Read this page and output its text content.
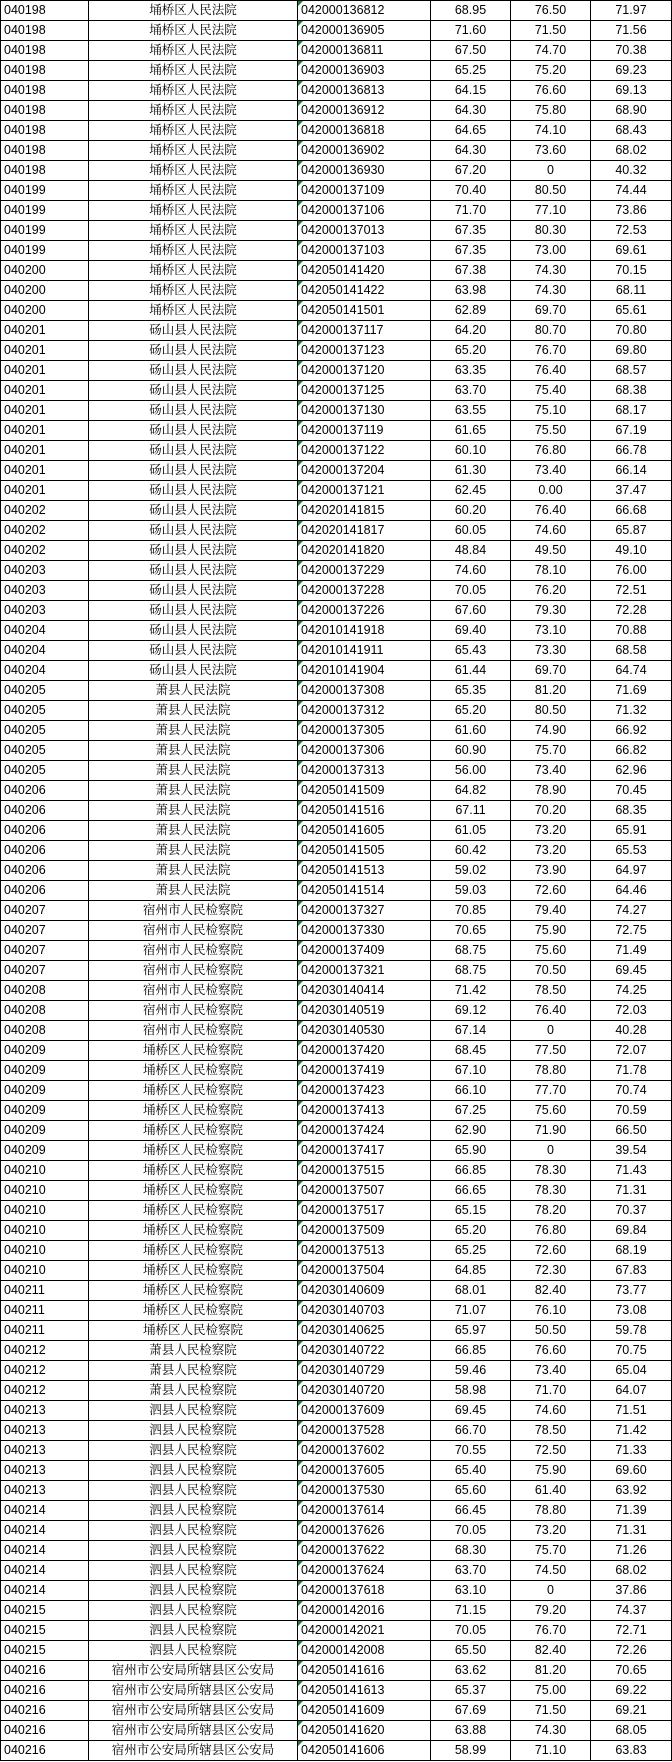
040198	埇桥区人民法院	042000136812	68.95	76.50	71.97
040198	埇桥区人民法院	042000136905	71.60	71.50	71.56
040198	埇桥区人民法院	042000136811	67.50	74.70	70.38
040198	埇桥区人民法院	042000136903	65.25	75.20	69.23
040198	埇桥区人民法院	042000136813	64.15	76.60	69.13
040198	埇桥区人民法院	042000136912	64.30	75.80	68.90
040198	埇桥区人民法院	042000136818	64.65	74.10	68.43
040198	埇桥区人民法院	042000136902	64.30	73.60	68.02
040198	埇桥区人民法院	042000136930	67.20	0	40.32
040199	埇桥区人民法院	042000137109	70.40	80.50	74.44
040199	埇桥区人民法院	042000137106	71.70	77.10	73.86
040199	埇桥区人民法院	042000137013	67.35	80.30	72.53
040199	埇桥区人民法院	042000137103	67.35	73.00	69.61
040200	埇桥区人民法院	042050141420	67.38	74.30	70.15
040200	埇桥区人民法院	042050141422	63.98	74.30	68.11
040200	埇桥区人民法院	042050141501	62.89	69.70	65.61
040201	砀山县人民法院	042000137117	64.20	80.70	70.80
040201	砀山县人民法院	042000137123	65.20	76.70	69.80
040201	砀山县人民法院	042000137120	63.35	76.40	68.57
040201	砀山县人民法院	042000137125	63.70	75.40	68.38
040201	砀山县人民法院	042000137130	63.55	75.10	68.17
040201	砀山县人民法院	042000137119	61.65	75.50	67.19
040201	砀山县人民法院	042000137122	60.10	76.80	66.78
040201	砀山县人民法院	042000137204	61.30	73.40	66.14
040201	砀山县人民法院	042000137121	62.45	0.00	37.47
040202	砀山县人民法院	042020141815	60.20	76.40	66.68
040202	砀山县人民法院	042020141817	60.05	74.60	65.87
040202	砀山县人民法院	042020141820	48.84	49.50	49.10
040203	砀山县人民法院	042000137229	74.60	78.10	76.00
040203	砀山县人民法院	042000137228	70.05	76.20	72.51
040203	砀山县人民法院	042000137226	67.60	79.30	72.28
040204	砀山县人民法院	042010141918	69.40	73.10	70.88
040204	砀山县人民法院	042010141911	65.43	73.30	68.58
040204	砀山县人民法院	042010141904	61.44	69.70	64.74
040205	萧县人民法院	042000137308	65.35	81.20	71.69
040205	萧县人民法院	042000137312	65.20	80.50	71.32
040205	萧县人民法院	042000137305	61.60	74.90	66.92
040205	萧县人民法院	042000137306	60.90	75.70	66.82
040205	萧县人民法院	042000137313	56.00	73.40	62.96
040206	萧县人民法院	042050141509	64.82	78.90	70.45
040206	萧县人民法院	042050141516	67.11	70.20	68.35
040206	萧县人民法院	042050141605	61.05	73.20	65.91
040206	萧县人民法院	042050141505	60.42	73.20	65.53
040206	萧县人民法院	042050141513	59.02	73.90	64.97
040206	萧县人民法院	042050141514	59.03	72.60	64.46
040207	宿州市人民检察院	042000137327	70.85	79.40	74.27
040207	宿州市人民检察院	042000137330	70.65	75.90	72.75
040207	宿州市人民检察院	042000137409	68.75	75.60	71.49
040207	宿州市人民检察院	042000137321	68.75	70.50	69.45
040208	宿州市人民检察院	042030140414	71.42	78.50	74.25
040208	宿州市人民检察院	042030140519	69.12	76.40	72.03
040208	宿州市人民检察院	042030140530	67.14	0	40.28
040209	埇桥区人民检察院	042000137420	68.45	77.50	72.07
040209	埇桥区人民检察院	042000137419	67.10	78.80	71.78
040209	埇桥区人民检察院	042000137423	66.10	77.70	70.74
040209	埇桥区人民检察院	042000137413	67.25	75.60	70.59
040209	埇桥区人民检察院	042000137424	62.90	71.90	66.50
040209	埇桥区人民检察院	042000137417	65.90	0	39.54
040210	埇桥区人民检察院	042000137515	66.85	78.30	71.43
040210	埇桥区人民检察院	042000137507	66.65	78.30	71.31
040210	埇桥区人民检察院	042000137517	65.15	78.20	70.37
040210	埇桥区人民检察院	042000137509	65.20	76.80	69.84
040210	埇桥区人民检察院	042000137513	65.25	72.60	68.19
040210	埇桥区人民检察院	042000137504	64.85	72.30	67.83
040211	埇桥区人民检察院	042030140609	68.01	82.40	73.77
040211	埇桥区人民检察院	042030140703	71.07	76.10	73.08
040211	埇桥区人民检察院	042030140625	65.97	50.50	59.78
040212	萧县人民检察院	042030140722	66.85	76.60	70.75
040212	萧县人民检察院	042030140729	59.46	73.40	65.04
040212	萧县人民检察院	042030140720	58.98	71.70	64.07
040213	泗县人民检察院	042000137609	69.45	74.60	71.51
040213	泗县人民检察院	042000137528	66.70	78.50	71.42
040213	泗县人民检察院	042000137602	70.55	72.50	71.33
040213	泗县人民检察院	042000137605	65.40	75.90	69.60
040213	泗县人民检察院	042000137530	65.60	61.40	63.92
040214	泗县人民检察院	042000137614	66.45	78.80	71.39
040214	泗县人民检察院	042000137626	70.05	73.20	71.31
040214	泗县人民检察院	042000137622	68.30	75.70	71.26
040214	泗县人民检察院	042000137624	63.70	74.50	68.02
040214	泗县人民检察院	042000137618	63.10	0	37.86
040215	泗县人民检察院	042000142016	71.15	79.20	74.37
040215	泗县人民检察院	042000142021	70.05	76.70	72.71
040215	泗县人民检察院	042000142008	65.50	82.40	72.26
040216	宿州市公安局所辖县区公安局	042050141616	63.62	81.20	70.65
040216	宿州市公安局所辖县区公安局	042050141613	65.37	75.00	69.22
040216	宿州市公安局所辖县区公安局	042050141609	67.69	71.50	69.21
040216	宿州市公安局所辖县区公安局	042050141620	63.88	74.30	68.05
040216	宿州市公安局所辖县区公安局	042050141606	58.99	71.10	63.83
